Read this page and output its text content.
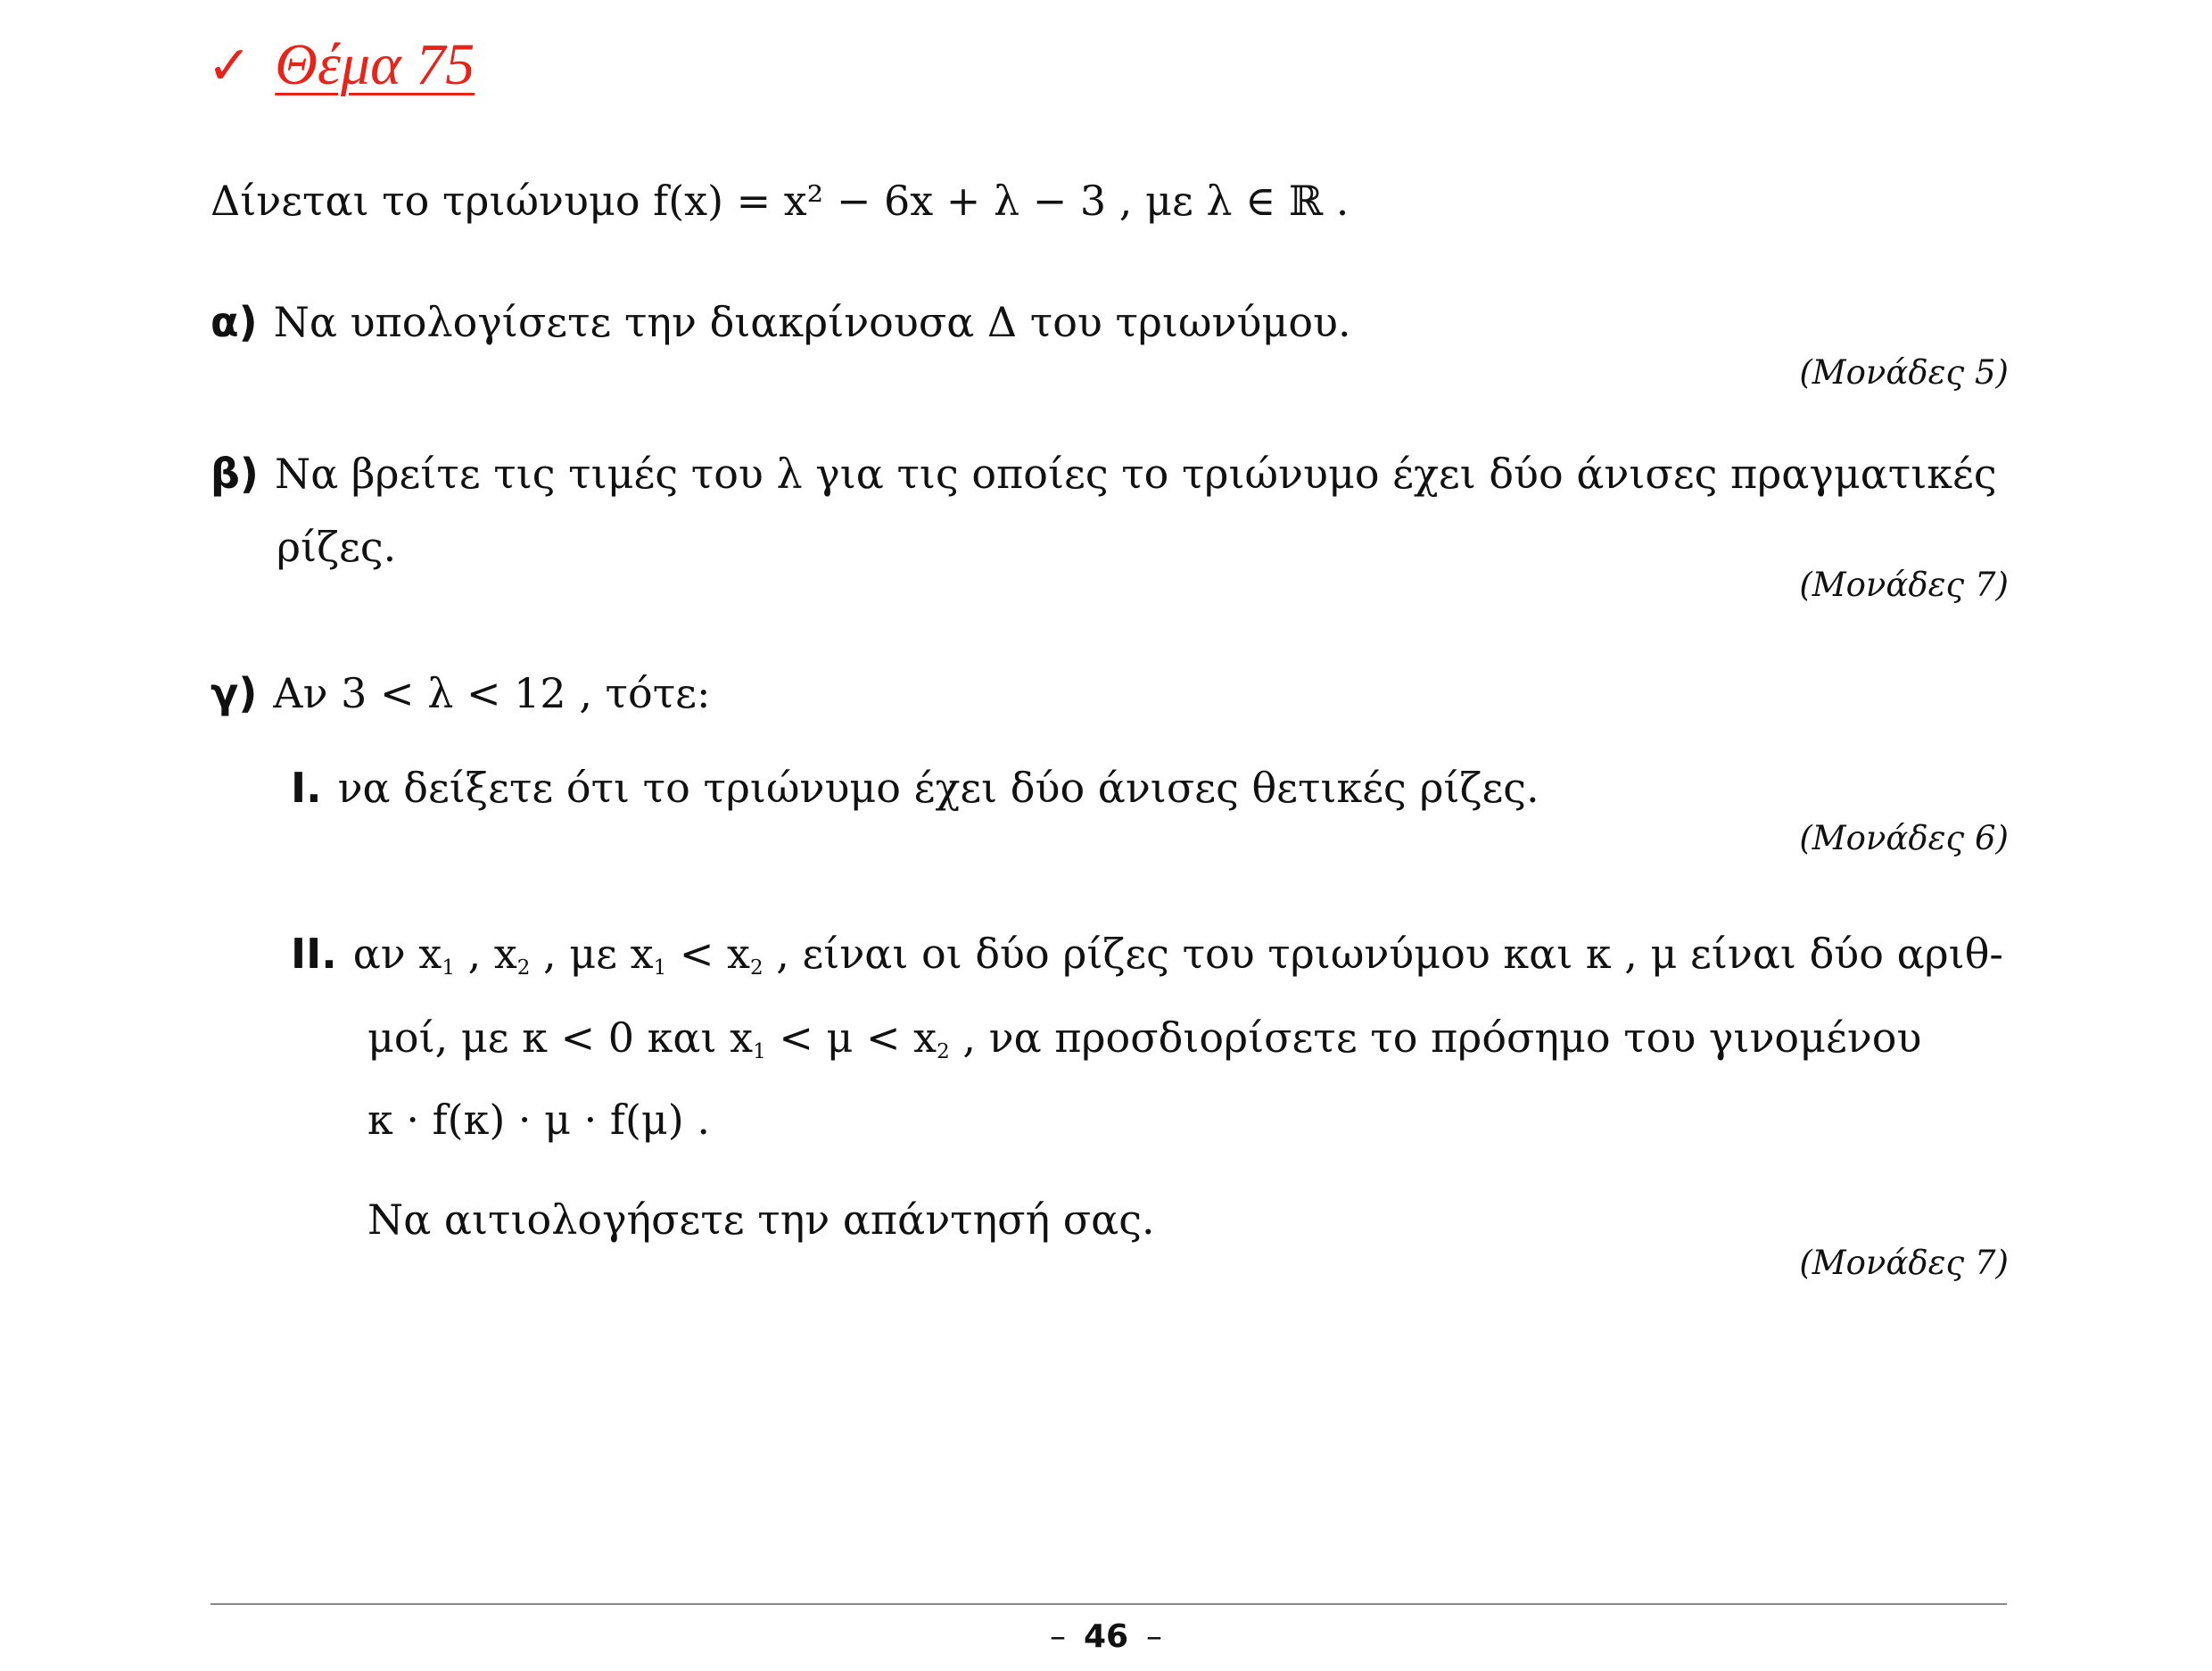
✓ Θέμα 75
Δίνεται το τριώνυμο f(x) = x² − 6x + λ − 3 , με λ ∈ ℝ .
α) Να υπολογίσετε την διακρίνουσα Δ του τριωνύμου.
(Μονάδες 5)
β) Να βρείτε τις τιμές του λ για τις οποίες το τριώνυμο έχει δύο άνισες πραγματικές
ρίζες.
(Μονάδες 7)
γ) Αν 3 < λ < 12 , τότε:
I. να δείξετε ότι το τριώνυμο έχει δύο άνισες θετικές ρίζες.
(Μονάδες 6)
II. αν $x_1$ , $x_2$ , με $x_1 < x_2$ , είναι οι δύο ρίζες του τριωνύμου και κ , μ είναι δύο αριθ-
μοί, με κ < 0 και $x_1 < \mu < x_2$ , να προσδιορίσετε το πρόσημο του γινομένου
κ · f(κ) · μ · f(μ) .
Να αιτιολογήσετε την απάντησή σας.
(Μονάδες 7)
– 46 –
